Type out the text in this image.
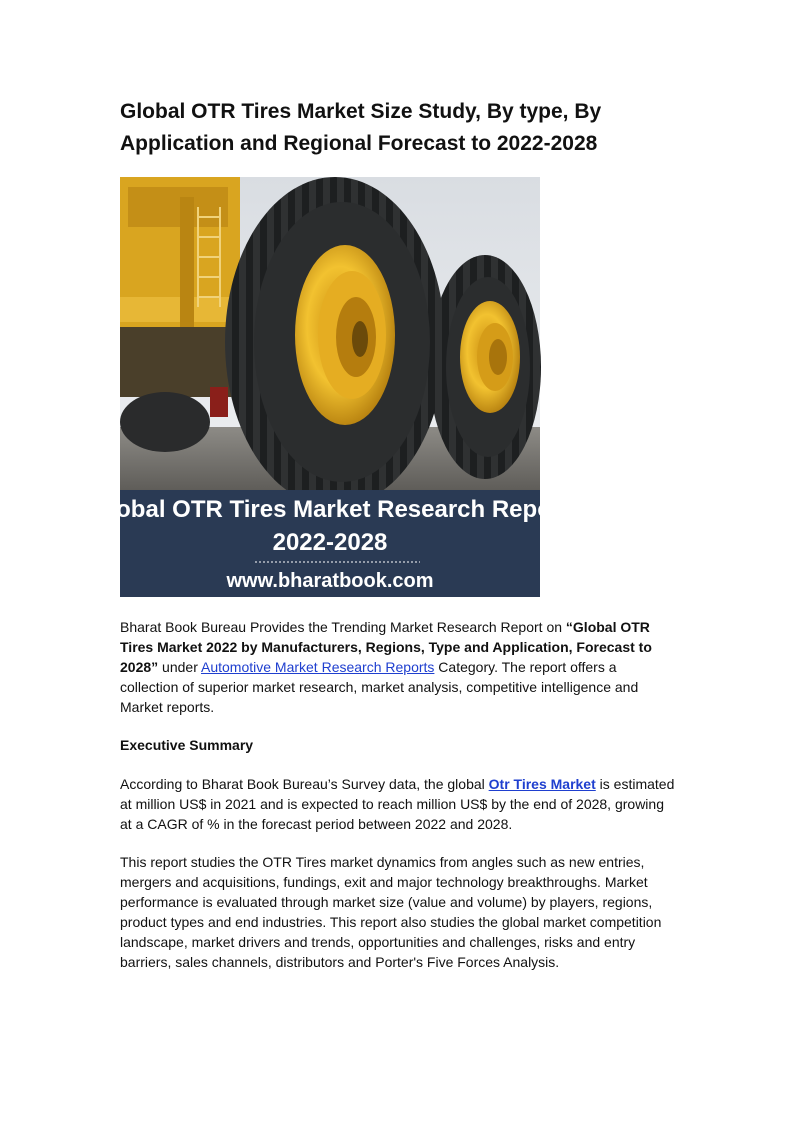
Global OTR Tires Market Size Study, By type, By Application and Regional Forecast to 2022-2028
Global OTR Tires Market Research Report
2022-2028
www.bharatbook.com

Bharat Book Bureau Provides the Trending Market Research Report on “Global OTR Tires Market 2022 by Manufacturers, Regions, Type and Application, Forecast to 2028” under Automotive Market Research Reports Category. The report offers a collection of superior market research, market analysis, competitive intelligence and Market reports.

Executive Summary

According to Bharat Book Bureau’s Survey data, the global Otr Tires Market is estimated at million US$ in 2021 and is expected to reach million US$ by the end of 2028, growing at a CAGR of % in the forecast period between 2022 and 2028.

This report studies the OTR Tires market dynamics from angles such as new entries, mergers and acquisitions, fundings, exit and major technology breakthroughs. Market performance is evaluated through market size (value and volume) by players, regions, product types and end industries. This report also studies the global market competition landscape, market drivers and trends, opportunities and challenges, risks and entry barriers, sales channels, distributors and Porter's Five Forces Analysis.
